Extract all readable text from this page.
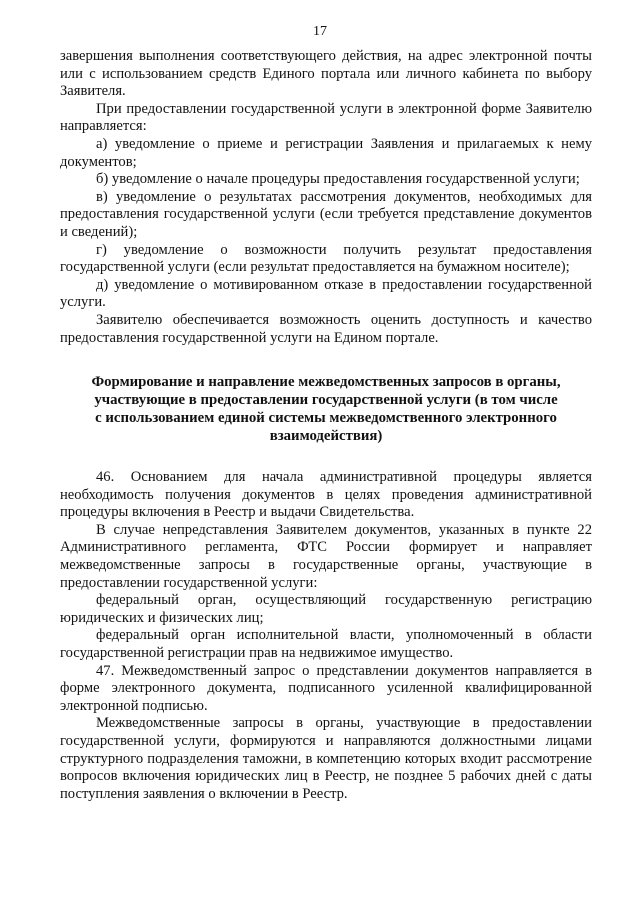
17

завершения выполнения соответствующего действия, на адрес электронной почты или с использованием средств Единого портала или личного кабинета по выбору Заявителя.

При предоставлении государственной услуги в электронной форме Заявителю направляется:

а) уведомление о приеме и регистрации Заявления и прилагаемых к нему документов;

б) уведомление о начале процедуры предоставления государственной услуги;

в) уведомление о результатах рассмотрения документов, необходимых для предоставления государственной услуги (если требуется представление документов и сведений);

г) уведомление о возможности получить результат предоставления государственной услуги (если результат предоставляется на бумажном носителе);

д) уведомление о мотивированном отказе в предоставлении государственной услуги.

Заявителю обеспечивается возможность оценить доступность и качество предоставления государственной услуги на Едином портале.

Формирование и направление межведомственных запросов в органы,
участвующие в предоставлении государственной услуги (в том числе
с использованием единой системы межведомственного электронного
взаимодействия)

46. Основанием для начала административной процедуры является необходимость получения документов в целях проведения административной процедуры включения в Реестр и выдачи Свидетельства.

В случае непредставления Заявителем документов, указанных в пункте 22 Административного регламента, ФТС России формирует и направляет межведомственные запросы в государственные органы, участвующие в предоставлении государственной услуги:

федеральный орган, осуществляющий государственную регистрацию юридических и физических лиц;

федеральный орган исполнительной власти, уполномоченный в области государственной регистрации прав на недвижимое имущество.

47. Межведомственный запрос о представлении документов направляется в форме электронного документа, подписанного усиленной квалифицированной электронной подписью.

Межведомственные запросы в органы, участвующие в предоставлении государственной услуги, формируются и направляются должностными лицами структурного подразделения таможни, в компетенцию которых входит рассмотрение вопросов включения юридических лиц в Реестр, не позднее 5 рабочих дней с даты поступления заявления о включении в Реестр.
